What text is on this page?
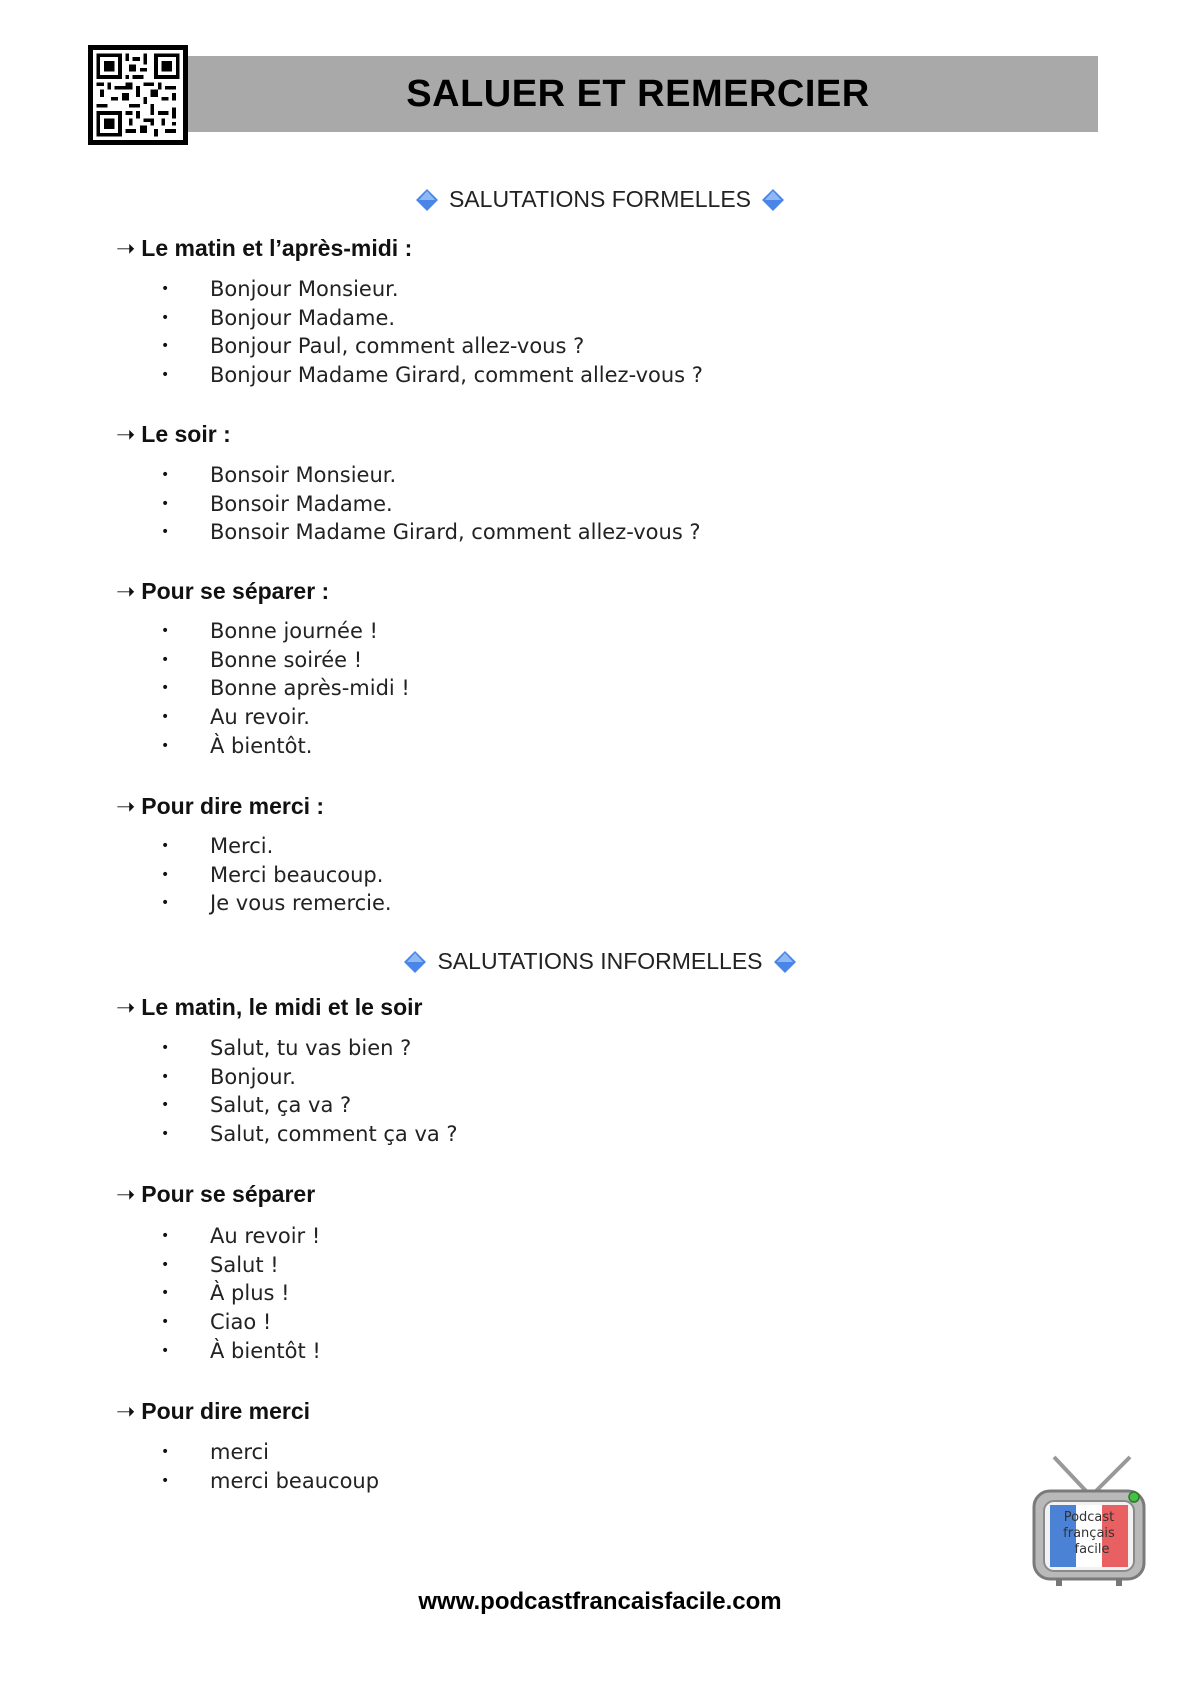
SALUER ET REMERCIER
SALUTATIONS FORMELLES
➝ Le matin et l’après-midi :
• Bonjour Monsieur.
• Bonjour Madame.
• Bonjour Paul, comment allez-vous ?
• Bonjour Madame Girard, comment allez-vous ?
➝ Le soir :
• Bonsoir Monsieur.
• Bonsoir Madame.
• Bonsoir Madame Girard, comment allez-vous ?
➝ Pour se séparer :
• Bonne journée !
• Bonne soirée !
• Bonne après-midi !
• Au revoir.
• À bientôt.
➝ Pour dire merci :
• Merci.
• Merci beaucoup.
• Je vous remercie.
SALUTATIONS INFORMELLES
➝ Le matin, le midi et le soir
• Salut, tu vas bien ?
• Bonjour.
• Salut, ça va ?
• Salut, comment ça va ?
➝ Pour se séparer
• Au revoir !
• Salut !
• À plus !
• Ciao !
• À bientôt !
➝ Pour dire merci
• merci
• merci beaucoup
Podcast
français
facile
www.podcastfrancaisfacile.com
